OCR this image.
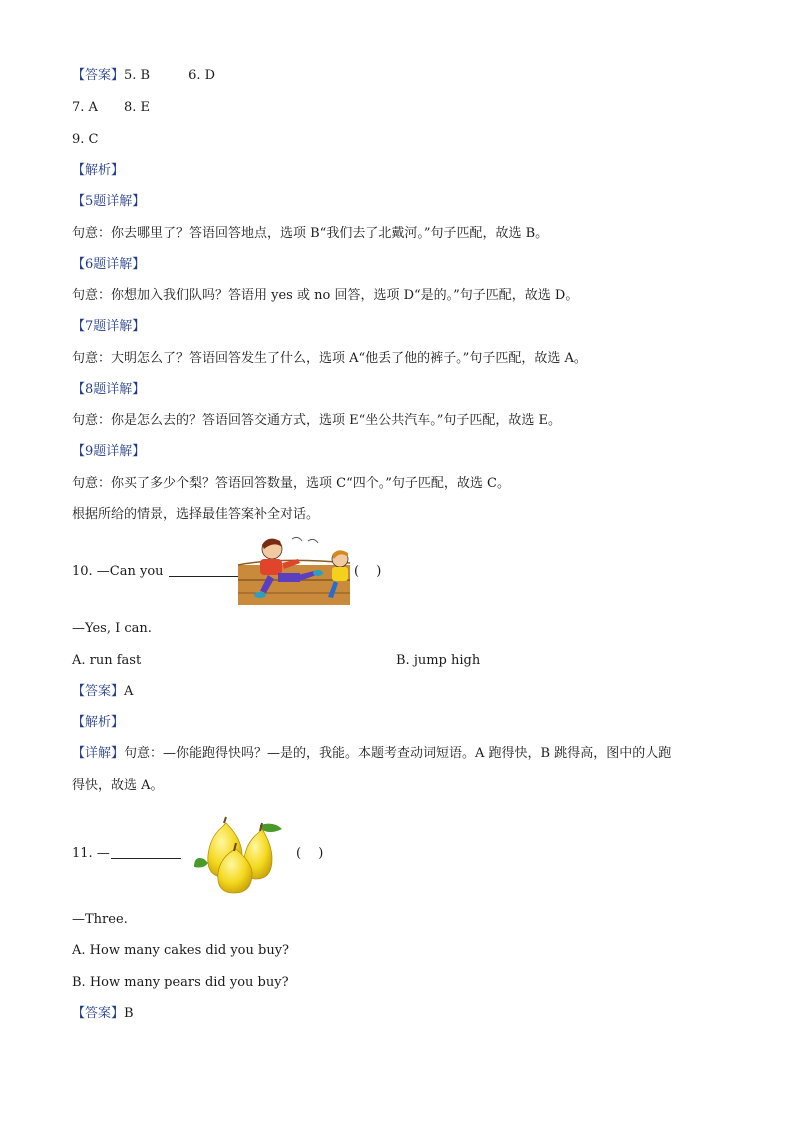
【答案】5. B	6. D
7. A 8. E
9. C
【解析】
【5题详解】
句意：你去哪里了？答语回答地点，选项 B“我们去了北戴河。”句子匹配，故选 B。
【6题详解】
句意：你想加入我们队吗？答语用 yes 或 no 回答，选项 D“是的。”句子匹配，故选 D。
【7题详解】
句意：大明怎么了？答语回答发生了什么，选项 A“他丢了他的裤子。”句子匹配，故选 A。
【8题详解】
句意：你是怎么去的？答语回答交通方式，选项 E“坐公共汽车。”句子匹配，故选 E。
【9题详解】
句意：你买了多少个梨？答语回答数量，选项 C“四个。”句子匹配，故选 C。
根据所给的情景，选择最佳答案补全对话。
10. —Can you	(　 )
—Yes, I can.
A. run fast	B. jump high
【答案】A
【解析】
【详解】句意：—你能跑得快吗？—是的，我能。本题考查动词短语。A 跑得快，B 跳得高，图中的人跑
得快，故选 A。
11. —	(　 )
—Three.
A. How many cakes did you buy?
B. How many pears did you buy?
【答案】B
